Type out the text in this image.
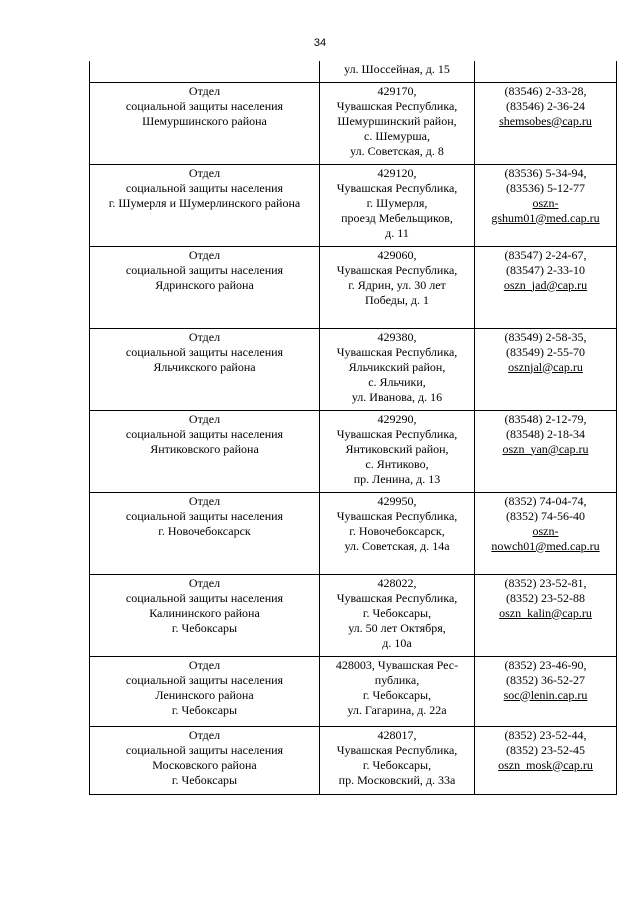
34

	ул. Шоссейная, д. 15	

Отдел
социальной защиты населения
Шемуршинского района	429170,
Чувашская Республика,
Шемуршинский район,
с. Шемурша,
ул. Советская, д. 8	(83546) 2-33-28,
(83546) 2-36-24
shemsobes@cap.ru

Отдел
социальной защиты населения
г. Шумерля и Шумерлинского района	429120,
Чувашская Республика,
г. Шумерля,
проезд Мебельщиков,
д. 11	(83536) 5-34-94,
(83536) 5-12-77
oszn-
gshum01@med.cap.ru

Отдел
социальной защиты населения
Ядринского района	429060,
Чувашская Республика,
г. Ядрин, ул. 30 лет
Победы, д. 1	(83547) 2-24-67,
(83547) 2-33-10
oszn_jad@cap.ru

Отдел
социальной защиты населения
Яльчикского района	429380,
Чувашская Республика,
Яльчикский район,
с. Яльчики,
ул. Иванова, д. 16	(83549) 2-58-35,
(83549) 2-55-70
osznjal@cap.ru

Отдел
социальной защиты населения
Янтиковского района	429290,
Чувашская Республика,
Янтиковский район,
с. Янтиково,
пр. Ленина, д. 13	(83548) 2-12-79,
(83548) 2-18-34
oszn_yan@cap.ru

Отдел
социальной защиты населения
г. Новочебоксарск	429950,
Чувашская Республика,
г. Новочебоксарск,
ул. Советская, д. 14а	(8352) 74-04-74,
(8352) 74-56-40
oszn-
nowch01@med.cap.ru

Отдел
социальной защиты населения
Калининского района
г. Чебоксары	428022,
Чувашская Республика,
г. Чебоксары,
ул. 50 лет Октября,
д. 10а	(8352) 23-52-81,
(8352) 23-52-88
oszn_kalin@cap.ru

Отдел
социальной защиты населения
Ленинского района
г. Чебоксары	428003, Чувашская Рес-
публика,
г. Чебоксары,
ул. Гагарина, д. 22а	(8352) 23-46-90,
(8352) 36-52-27
soc@lenin.cap.ru

Отдел
социальной защиты населения
Московского района
г. Чебоксары	428017,
Чувашская Республика,
г. Чебоксары,
пр. Московский, д. 33а	(8352) 23-52-44,
(8352) 23-52-45
oszn_mosk@cap.ru
